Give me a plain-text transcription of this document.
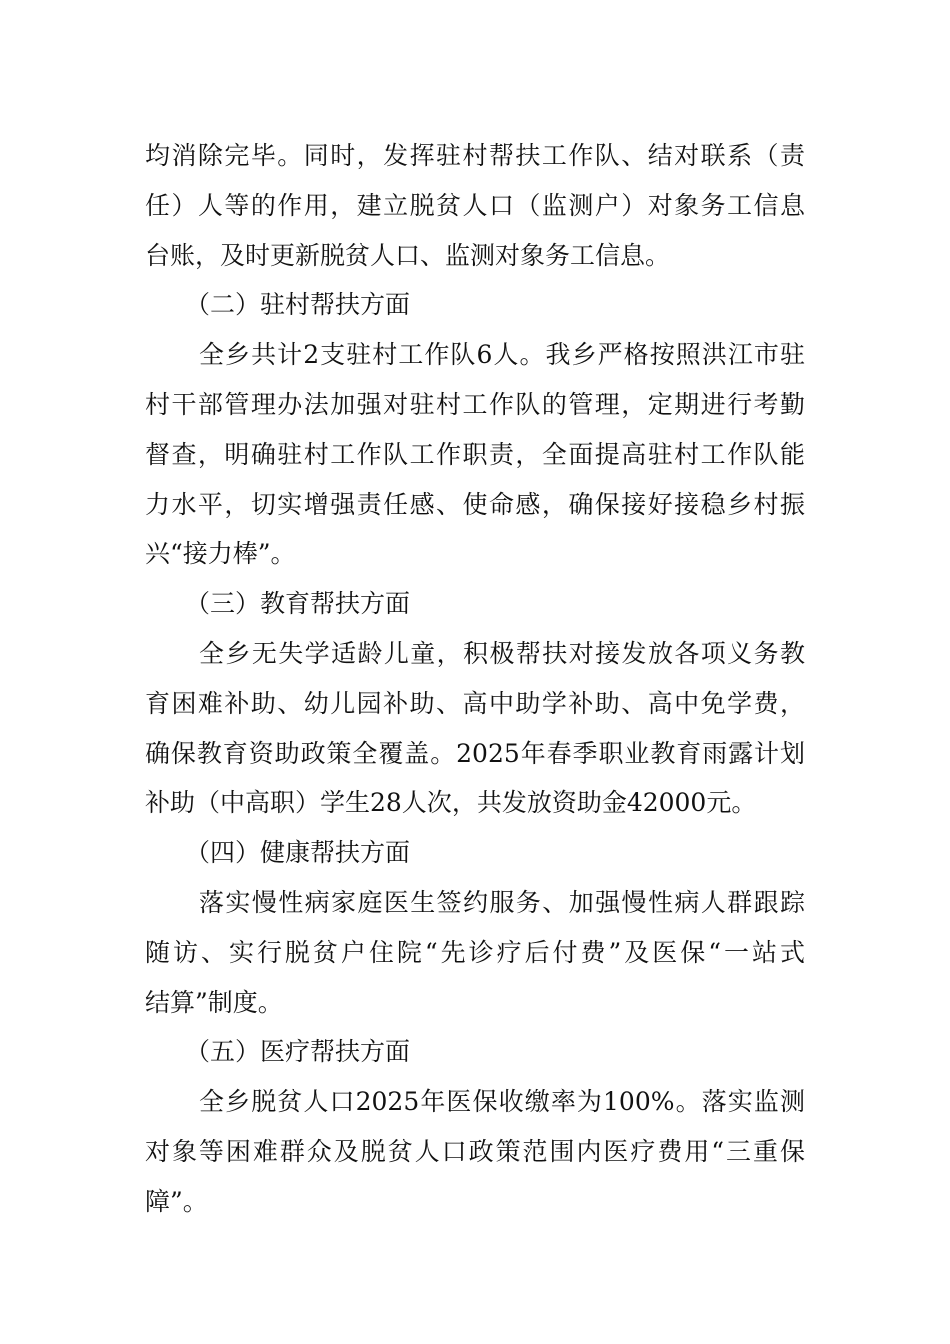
均消除完毕。同时，发挥驻村帮扶工作队、结对联系（责
任）人等的作用，建立脱贫人口（监测户）对象务工信息
台账，及时更新脱贫人口、监测对象务工信息。
（二）驻村帮扶方面
全乡共计2支驻村工作队6人。我乡严格按照洪江市驻
村干部管理办法加强对驻村工作队的管理，定期进行考勤
督查，明确驻村工作队工作职责，全面提高驻村工作队能
力水平，切实增强责任感、使命感，确保接好接稳乡村振
兴“接力棒”。
（三）教育帮扶方面
全乡无失学适龄儿童，积极帮扶对接发放各项义务教
育困难补助、幼儿园补助、高中助学补助、高中免学费，
确保教育资助政策全覆盖。2025年春季职业教育雨露计划
补助（中高职）学生28人次，共发放资助金42000元。
（四）健康帮扶方面
落实慢性病家庭医生签约服务、加强慢性病人群跟踪
随访、实行脱贫户住院“先诊疗后付费”及医保“一站式
结算”制度。
（五）医疗帮扶方面
全乡脱贫人口2025年医保收缴率为100%。落实监测
对象等困难群众及脱贫人口政策范围内医疗费用“三重保
障”。
